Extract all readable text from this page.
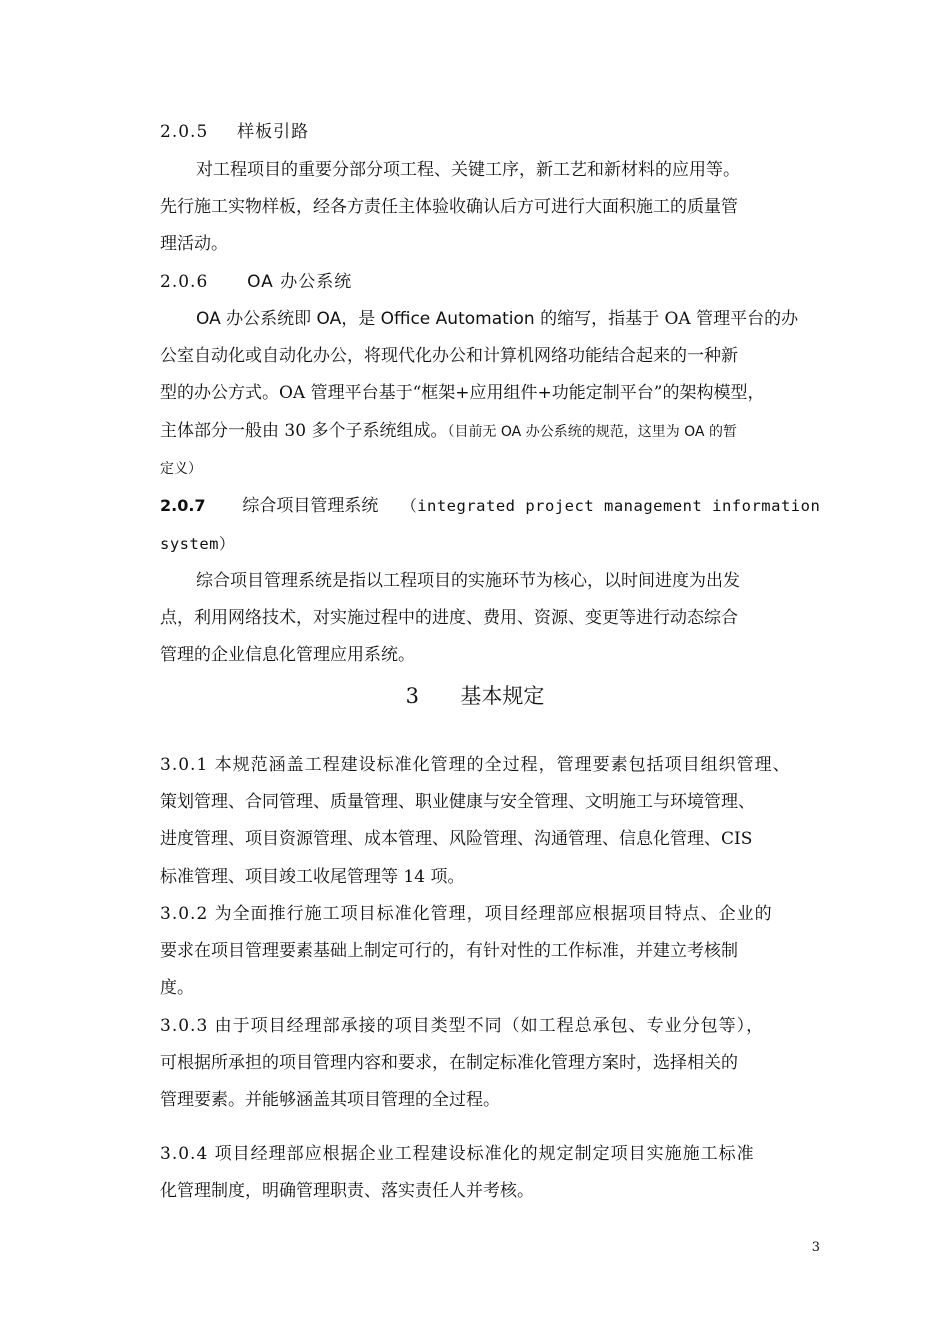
2.0.5 样板引路
对工程项目的重要分部分项工程、关键工序，新工艺和新材料的应用等。
先行施工实物样板，经各方责任主体验收确认后方可进行大面积施工的质量管
理活动。
2.0.6 OA 办公系统
OA 办公系统即 OA，是 Office Automation 的缩写，指基于 OA 管理平台的办
公室自动化或自动化办公，将现代化办公和计算机网络功能结合起来的一种新
型的办公方式。OA 管理平台基于“框架+应用组件+功能定制平台”的架构模型，
主体部分一般由 30 多个子系统组成。（目前无 OA 办公系统的规范，这里为 OA 的暂
定义）
2.0.7 综合项目管理系统 （integrated project management information
system）
综合项目管理系统是指以工程项目的实施环节为核心，以时间进度为出发
点，利用网络技术，对实施过程中的进度、费用、资源、变更等进行动态综合
管理的企业信息化管理应用系统。
3 基本规定
3.0.1 本规范涵盖工程建设标准化管理的全过程，管理要素包括项目组织管理、
策划管理、合同管理、质量管理、职业健康与安全管理、文明施工与环境管理、
进度管理、项目资源管理、成本管理、风险管理、沟通管理、信息化管理、CIS
标准管理、项目竣工收尾管理等 14 项。
3.0.2 为全面推行施工项目标准化管理，项目经理部应根据项目特点、企业的
要求在项目管理要素基础上制定可行的，有针对性的工作标准，并建立考核制
度。
3.0.3 由于项目经理部承接的项目类型不同（如工程总承包、专业分包等），
可根据所承担的项目管理内容和要求，在制定标准化管理方案时，选择相关的
管理要素。并能够涵盖其项目管理的全过程。
3.0.4 项目经理部应根据企业工程建设标准化的规定制定项目实施施工标准
化管理制度，明确管理职责、落实责任人并考核。
3
